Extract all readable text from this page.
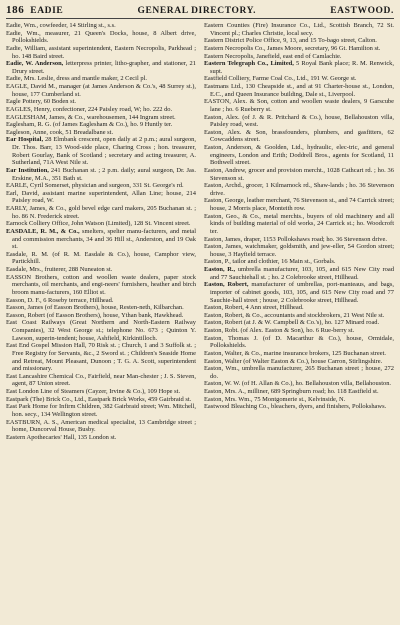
186 EADIE	GENERAL DIRECTORY.	EASTWOOD.

Eadie, Wm., cowfeeder, 14 Stirling st., s.s.

Eadie, Wm., measurer, 21 Queen's Docks, house, 8 Albert drive, Pollokshields.

Eadie, William, assistant superintendent, Eastern Necropolis, Parkhead ; ho. 148 Baird street.

Eadie, W. Anderson, letterpress printer, litho-grapher, and stationer, 21 Drury street.

Eadie, Mrs. Leslie, dress and mantle maker, 2 Cecil pl.

EAGLE, David M., manager (at James Anderson & Co.'s, 48 Surrey st.), house, 177 Cumberland st.

Eagle Pottery, 60 Boden st.

EAGLES, Henry, confectioner, 224 Paisley road, W; ho. 222 do.

EAGLESHAM, James, & Co., warehousemen, 144 Ingram street.

Eaglesham, R. G. (of James Eaglesham & Co.), ho. 9 Huntly ter.

Eagleson, Anne, cook, 51 Breadalbane st.

Ear Hospital, 28 Elmbank crescent, open daily at 2 p.m.; aural surgeon, Dr. Thos. Barr, 13 Wood-side place, Charing Cross ; hon. treasurer, Robert Gourlay, Bank of Scotland ; secretary and acting treasurer, A. Sutherland, 71A West Nile st.

Ear Institution, 241 Buchanan st. ; 2 p.m. daily; aural surgeon, Dr. Jas. Erskine, M.A., 351 Bath st.

EARLE, Cyril Somerset, physician and surgeon, 331 St. George's rd.

Earl, David, assistant marine superintendent, Allan Line; house, 214 Paisley road, W.

EARLY, James, & Co., gold bevel edge card makers, 205 Buchanan st. ; ho. 86 N. Frederick street.

Earnock Colliery Office, John Watson (Limited), 128 St. Vincent street.

EASDALE, R. M., & Co., smelters, spelter manu-facturers, and metal and commission merchants, 34 and 36 Hill st., Anderston, and 19 Oak st.

Easdale, R. M. (of R. M. Easdale & Co.), house, Camphor view, Partickhill.

Easdale, Mrs., fruiterer, 288 Nuneaton st.

EASSON Brothers, cotton and woollen waste dealers, paper stock merchants, oil merchants, and engi-neers' furnishers, heather and birch broom manu-facturers, 160 Elliot st.

Easson, D. F., 6 Roseby terrace, Hillhead.

Easson, James (of Easson Brothers), house, Resten-neth, Kilbarchan.

Easson, Robert (of Easson Brothers), house, Ythan bank, Hawkhead.

East Coast Railways (Great Northern and North-Eastern Railway Companies), 32 West George st.; telephone No. 673 ; Quinton Y. Lawson, superin-tendent; house, Ashfield, Kirkintilloch.

East End Gospel Mission Hall, 70 Risk st. ; Church, 1 and 3 Suffolk st. ; Free Registry for Servants, &c., 2 Sword st. ; Children's Seaside Home and Retreat, Mount Pleasant, Dunoon ; T. G. A. Scott, superintendent and missionary.

East Lancashire Chemical Co., Fairfield, near Man-chester ; J. S. Steven, agent, 87 Union street.

East London Line of Steamers (Cayzer, Irvine & Co.), 109 Hope st.

Eastpark (The) Brick Co., Ltd., Eastpark Brick Works, 459 Gairbraid st.

East Park Home for Infirm Children, 382 Gairbraid street; Wm. Mitchell, hon. secy., 134 Wellington street.

EASTBURN, A. S., American medical specialist, 13 Cambridge street ; home, Duncorval House, Busby.

Eastern Apothecaries' Hall, 135 London st.

Eastern Counties (Fire) Insurance Co., Ltd., Scottish Branch, 72 St. Vincent pl.; Charles Christie, local secy.

Eastern District Police Office, 9, 13, and 15 To-bago street, Calton.

Eastern Necropolis Co., James Moore, secretary, 96 Gt. Hamilton st.

Eastern Necropolis, Janefield, east end of Camlachie.

Eastern Telegraph Co., Limited, 5 Royal Bank place; R. M. Renwick, supt.

Eastfield Colliery, Farme Coal Co., Ltd., 191 W. George st.

Eastmans Ltd., 130 Cheapside st., and at 91 Charter-house st., London, E.C., and Queen Insurance building, Dale st., Liverpool.

EASTON, Alex. & Son, cotton and woollen waste dealers, 9 Garscube lane ; ho. 6 Rueberry st.

Easton, Alex. (of J. & R. Pritchard & Co.), house, Bellahouston villa, Paisley road, west.

Easton, Alex. & Son, brassfounders, plumbers, and gasfitters, 62 Cowcaddens street.

Easton, Anderson, & Goolden, Ltd., hydraulic, elec-tric, and general engineers, London and Erith; Doddrell Bros., agents for Scotland, 11 Bothwell street.

Easton, Andrew, grocer and provision mercht., 1028 Cathcart rd. ; ho. 36 Stevenson st.

Easton, Archd., grocer, 1 Kilmarnock rd., Shaw-lands ; ho. 36 Stevenson drive.

Easton, George, leather merchant, 76 Stevenson st., and 74 Carrick street; house, 2 Morris place, Monteith row.

Easton, Geo., & Co., metal merchts., buyers of old machinery and all kinds of building material of old works, 24 Carrick st.; ho. Woodcroft ter.

Easton, James, draper, 1153 Pollokshaws road; ho. 36 Stevenson drive.

Easton, James, watchmaker, goldsmith, and jew-eller, 54 Gordon street; house, 3 Hayfield terrace.

Easton, P., tailor and clothier, 16 Main st., Gorbals.

Easton, R., umbrella manufacturer, 103, 105, and 615 New City road and 77 Sauchiehall st. ; ho. 2 Colebrooke street, Hillhead.

Easton, Robert, manufacturer of umbrellas, port-manteaus, and bags, importer of cabinet goods, 103, 105, and 615 New City road and 77 Sauchie-hall street ; house, 2 Colebrooke street, Hillhead.

Easton, Robert, 4 Ann street, Hillhead.

Easton, Robert, & Co., accountants and stockbrokers, 21 West Nile st.

Easton, Robert (at J. & W. Campbell & Co.'s), ho. 127 Minard road.

Easton, Robt. (of Alex. Easton & Son), ho. 6 Rue-berry st.

Easton, Thomas J. (of D. Macarthur & Co.), house, Ormidale, Pollokshields.

Easton, Walter, & Co., marine insurance brokers, 125 Buchanan street.

Easton, Walter (of Walter Easton & Co.), house Carron, Stirlingshire.

Easton, Wm., umbrella manufacturer, 265 Buchanan street ; house, 272 do.

Easton, W. W. (of H. Allan & Co.), ho. Bellahouston villa, Bellahouston.

Easton, Mrs. A., milliner, 689 Springburn road; ho. 118 Eastfield st.

Easton, Mrs. Wm., 75 Montgomerie st., Kelvinside, N.

Eastwood Bleaching Co., bleachers, dyers, and finishers, Pollokshaws.
